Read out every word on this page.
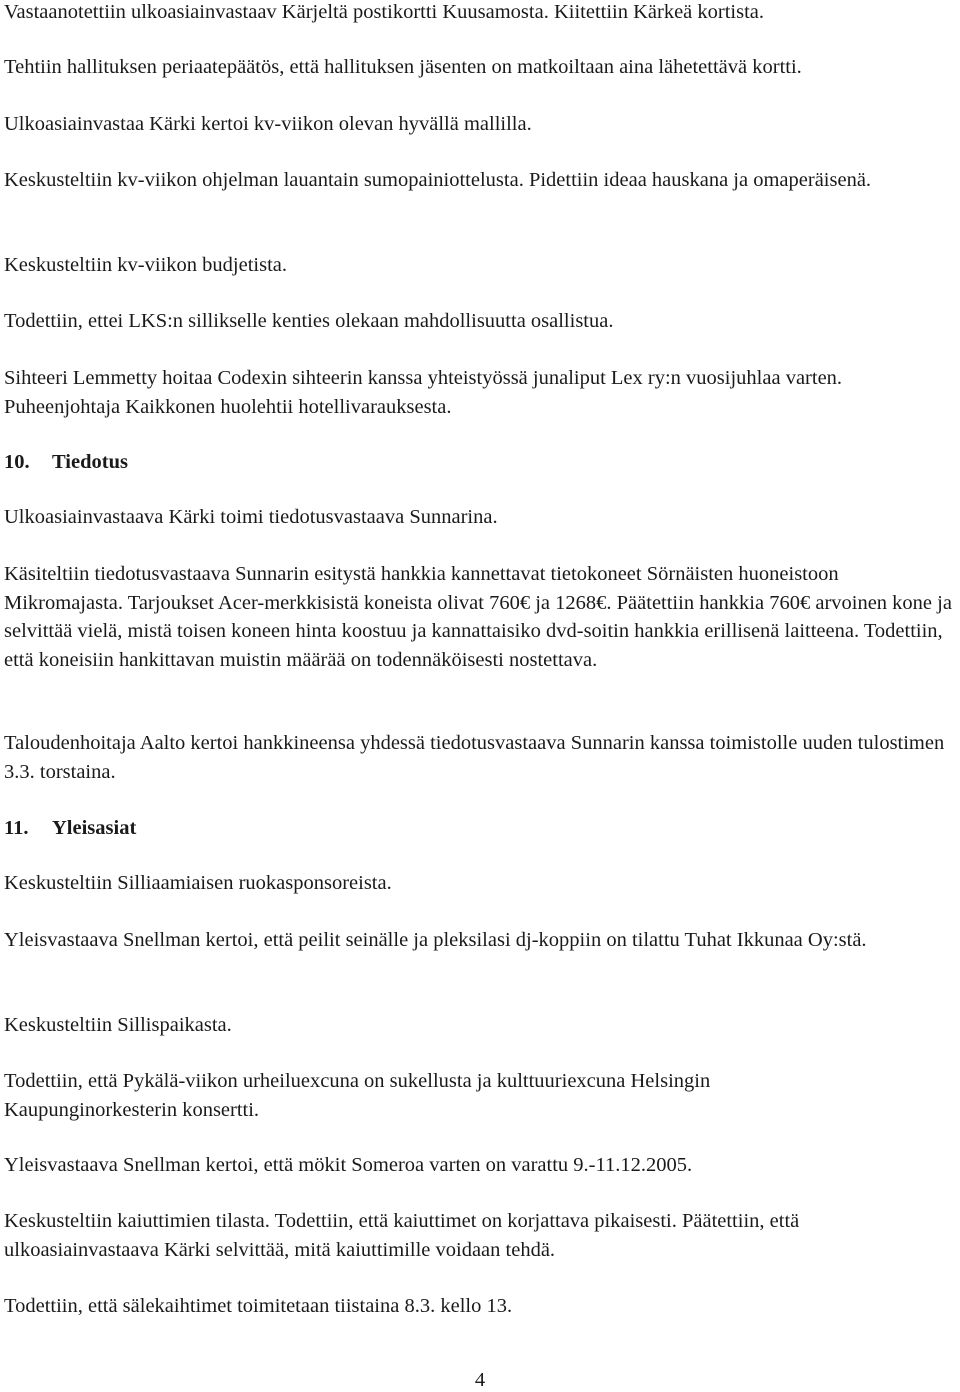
Vastaanotettiin ulkoasiainvastaav Kärjeltä postikortti Kuusamosta. Kiitettiin Kärkeä kortista.

Tehtiin hallituksen periaatepäätös, että hallituksen jäsenten on matkoiltaan aina lähetettävä kortti.

Ulkoasiainvastaa Kärki kertoi kv-viikon olevan hyvällä mallilla.

Keskusteltiin kv-viikon ohjelman lauantain sumopainiottelusta. Pidettiin ideaa hauskana ja omaperäisenä.

Keskusteltiin kv-viikon budjetista.

Todettiin, ettei LKS:n sillikselle kenties olekaan mahdollisuutta osallistua.

Sihteeri Lemmetty hoitaa Codexin sihteerin kanssa yhteistyössä junaliput Lex ry:n vuosijuhlaa varten. Puheenjohtaja Kaikkonen huolehtii hotellivarauksesta.

10. Tiedotus

Ulkoasiainvastaava Kärki toimi tiedotusvastaava Sunnarina.

Käsiteltiin tiedotusvastaava Sunnarin esitystä hankkia kannettavat tietokoneet Sörnäisten huoneistoon Mikromajasta. Tarjoukset Acer-merkkisistä koneista olivat 760€ ja 1268€. Päätettiin hankkia 760€ arvoinen kone ja selvittää vielä, mistä toisen koneen hinta koostuu ja kannattaisiko dvd-soitin hankkia erillisenä laitteena. Todettiin, että koneisiin hankittavan muistin määrää on todennäköisesti nostettava.

Taloudenhoitaja Aalto kertoi hankkineensa yhdessä tiedotusvastaava Sunnarin kanssa toimistolle uuden tulostimen 3.3. torstaina.

11. Yleisasiat

Keskusteltiin Silliaamiaisen ruokasponsoreista.

Yleisvastaava Snellman kertoi, että peilit seinälle ja pleksilasi dj-koppiin on tilattu Tuhat Ikkunaa Oy:stä.

Keskusteltiin Sillispaikasta.

Todettiin, että Pykälä-viikon urheiluexcuna on sukellusta ja kulttuuriexcuna Helsingin Kaupunginorkesterin konsertti.

Yleisvastaava Snellman kertoi, että mökit Someroa varten on varattu 9.-11.12.2005.

Keskusteltiin kaiuttimien tilasta. Todettiin, että kaiuttimet on korjattava pikaisesti. Päätettiin, että ulkoasiainvastaava Kärki selvittää, mitä kaiuttimille voidaan tehdä.

Todettiin, että sälekaihtimet toimitetaan tiistaina 8.3. kello 13.

4
